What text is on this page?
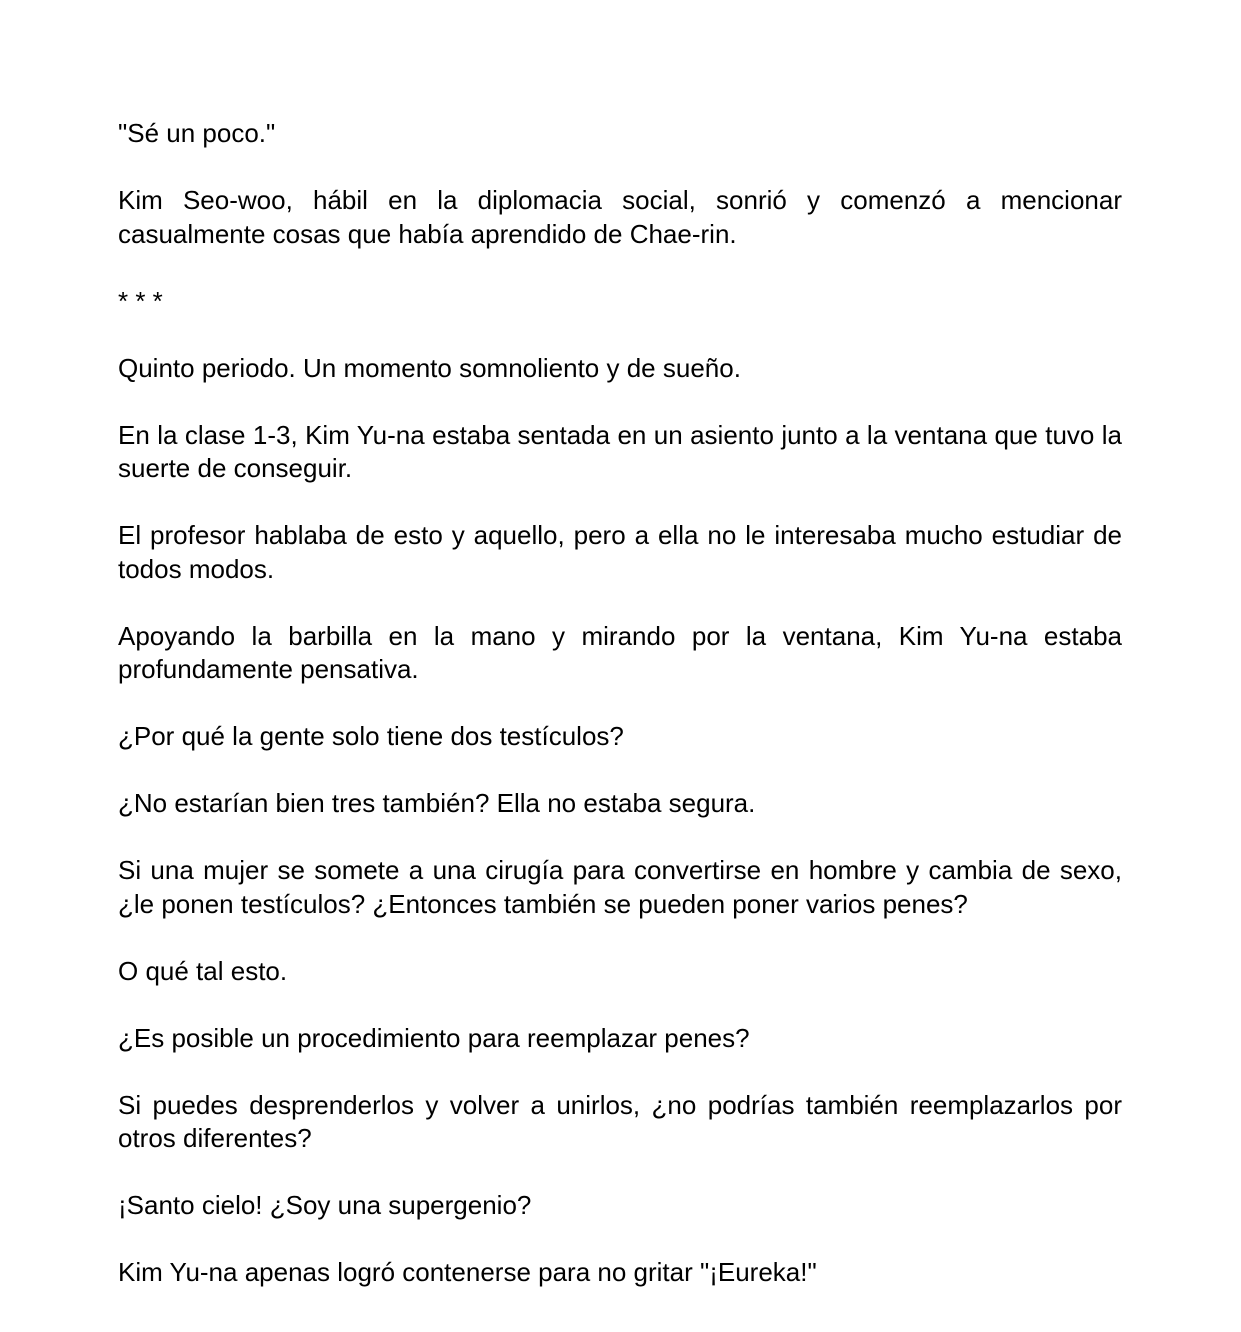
"Sé un poco."

Kim Seo-woo, hábil en la diplomacia social, sonrió y comenzó a mencionar casualmente cosas que había aprendido de Chae-rin.

* * *

Quinto periodo. Un momento somnoliento y de sueño.

En la clase 1-3, Kim Yu-na estaba sentada en un asiento junto a la ventana que tuvo la suerte de conseguir.

El profesor hablaba de esto y aquello, pero a ella no le interesaba mucho estudiar de todos modos.

Apoyando la barbilla en la mano y mirando por la ventana, Kim Yu-na estaba profundamente pensativa.

¿Por qué la gente solo tiene dos testículos?

¿No estarían bien tres también? Ella no estaba segura.

Si una mujer se somete a una cirugía para convertirse en hombre y cambia de sexo, ¿le ponen testículos? ¿Entonces también se pueden poner varios penes?

O qué tal esto.

¿Es posible un procedimiento para reemplazar penes?

Si puedes desprenderlos y volver a unirlos, ¿no podrías también reemplazarlos por otros diferentes?

¡Santo cielo! ¿Soy una supergenio?

Kim Yu-na apenas logró contenerse para no gritar "¡Eureka!"
